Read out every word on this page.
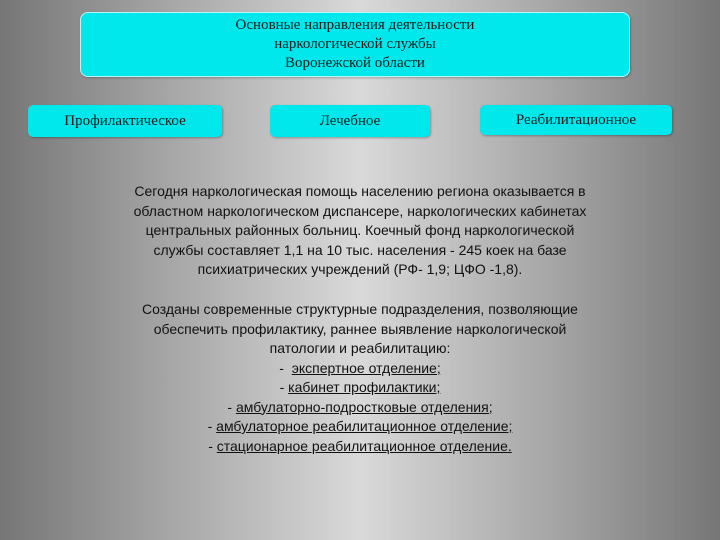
Основные направления деятельности
наркологической службы
Воронежской области
Профилактическое	Лечебное	Реабилитационное
Сегодня наркологическая помощь населению региона оказывается в
областном наркологическом диспансере, наркологических кабинетах
центральных районных больниц. Коечный фонд наркологической
службы составляет 1,1 на 10 тыс. населения - 245 коек на базе
психиатрических учреждений (РФ- 1,9; ЦФО -1,8).
Созданы современные структурные подразделения, позволяющие
обеспечить профилактику, раннее выявление наркологической
патологии и реабилитацию:
-  экспертное отделение;
- кабинет профилактики;
- амбулаторно-подростковые отделения;
- амбулаторное реабилитационное отделение;
- стационарное реабилитационное отделение.
